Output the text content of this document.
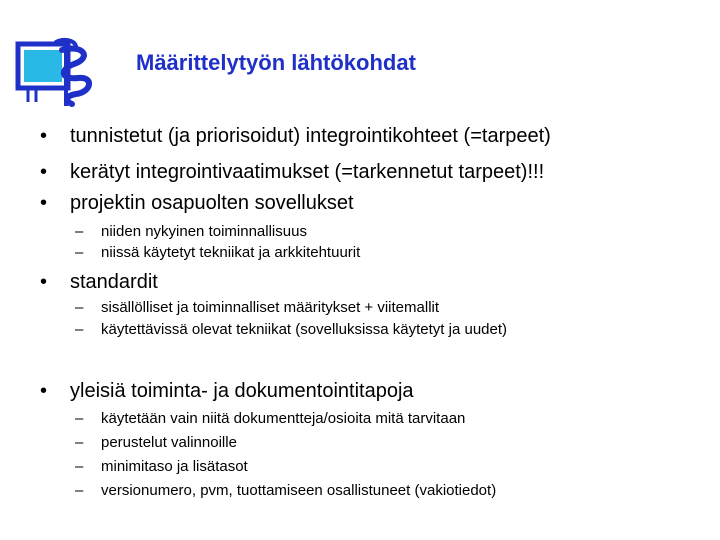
Määrittelytyön lähtökohdat
• tunnistetut (ja priorisoidut) integrointikohteet (=tarpeet)
• kerätyt integrointivaatimukset (=tarkennetut tarpeet)!!!
• projektin osapuolten sovellukset
– niiden nykyinen toiminnallisuus
– niissä käytetyt tekniikat ja arkkitehtuurit
• standardit
– sisällölliset ja toiminnalliset määritykset + viitemallit
– käytettävissä olevat tekniikat (sovelluksissa käytetyt ja uudet)
• yleisiä toiminta- ja dokumentointitapoja
– käytetään vain niitä dokumentteja/osioita mitä tarvitaan
– perustelut valinnoille
– minimitaso ja lisätasot
– versionumero, pvm, tuottamiseen osallistuneet (vakiotiedot)
